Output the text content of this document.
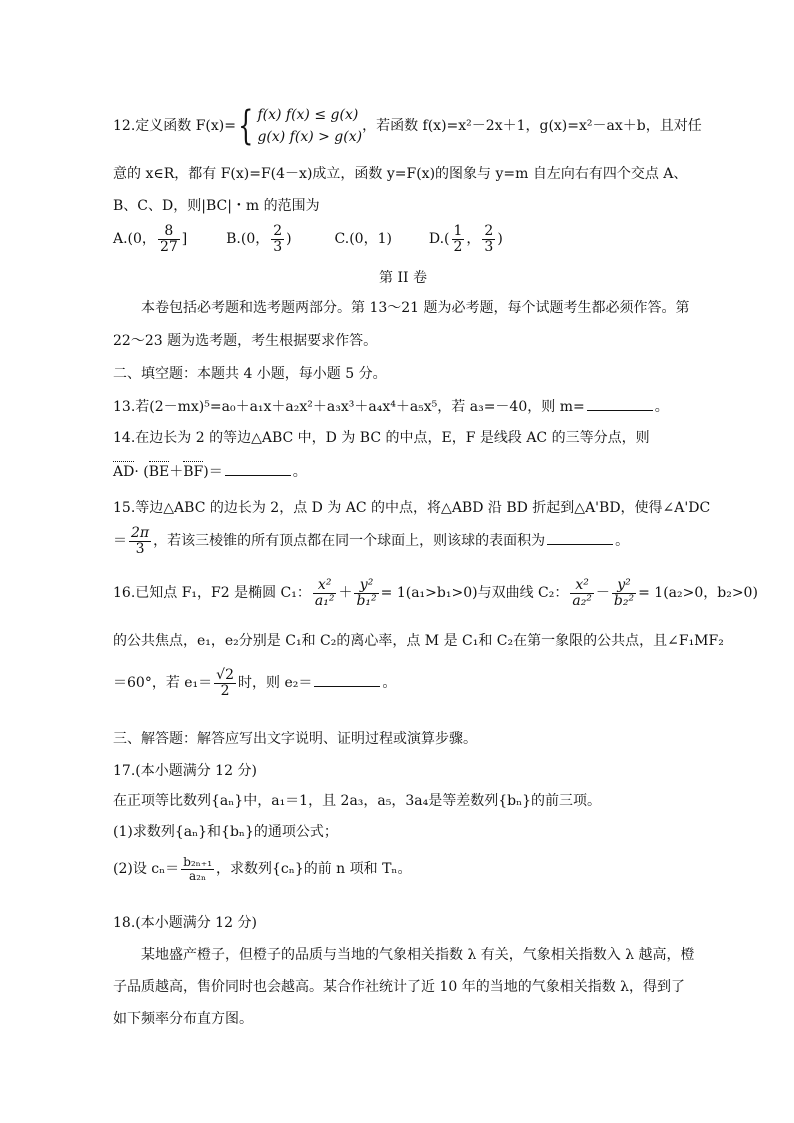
12.定义函数 F(x)={ f(x) f(x) ≤ g(x)
g(x) f(x) > g(x)
，若函数 f(x)=x²－2x＋1，g(x)=x²－ax＋b，且对任
意的 x∈R，都有 F(x)=F(4－x)成立，函数 y=F(x)的图象与 y=m 自左向右有四个交点 A、
B、C、D，则|BC|・m 的范围为
A.(0， $\frac{8}{27}$ ]	B.(0， $\frac{2}{3}$ )	C.(0，1)	$D.( \frac{1}{2}$ ， $\frac{2}{3}$ )
第 II 卷
本卷包括必考题和选考题两部分。第 13～21 题为必考题，每个试题考生都必须作答。第
22～23 题为选考题，考生根据要求作答。
二、填空题：本题共 4 小题，每小题 5 分。
13.若(2－mx)⁵=a₀＋a₁x＋a₂x²＋a₃x³＋a₄x⁴＋a₅x⁵，若 a₃=－40，则 m=	。
14.在边长为 2 的等边△ABC 中，D 为 BC 的中点，E，F 是线段 AC 的三等分点，则
AD· (BE＋BF)＝	。
15.等边△ABC 的边长为 2，点 D 为 AC 的中点，将△ABD 沿 BD 折起到△A'BD，使得∠A'DC
＝ $\frac{2\pi}{3}$ ，若该三棱锥的所有顶点都在同一个球面上，则该球的表面积为	。
16.已知点 F₁，F2 是椭圆 C₁： $\frac{\text{x²}}{\text{a₁²}} + \frac{\text{y²}}{\text{b₁²}} = 1(a_1>b_1>0)$与双曲线 C₂： $\frac{\text{x²}}{\text{a₂²}} - \frac{\text{y²}}{\text{b₂²}} = 1(a_2>0$，b₂>0)
的公共焦点，e₁，e₂分别是 C₁和 C₂的离心率，点 M 是 C₁和 C₂在第一象限的公共点，且∠F₁MF₂
＝60°，若 $e_1= \frac{√2}{2}$ 时，则 e₂＝	。
三、解答题：解答应写出文字说明、证明过程或演算步骤。
17.(本小题满分 12 分)
在正项等比数列{aₙ}中，a₁＝1，且 2a₃，a₅，3a₄是等差数列{bₙ}的前三项。
(1)求数列{aₙ}和{bₙ}的通项公式；
(2)设 $c_n= \frac{\text{b₂ₙ₊₁}}{\text{a₂ₙ}}$ ，求数列{cₙ}的前 n 项和 Tₙ。
18.(本小题满分 12 分)
某地盛产橙子，但橙子的品质与当地的气象相关指数 λ 有关，气象相关指数入 λ 越高，橙
子品质越高，售价同时也会越高。某合作社统计了近 10 年的当地的气象相关指数 λ，得到了
如下频率分布直方图。
